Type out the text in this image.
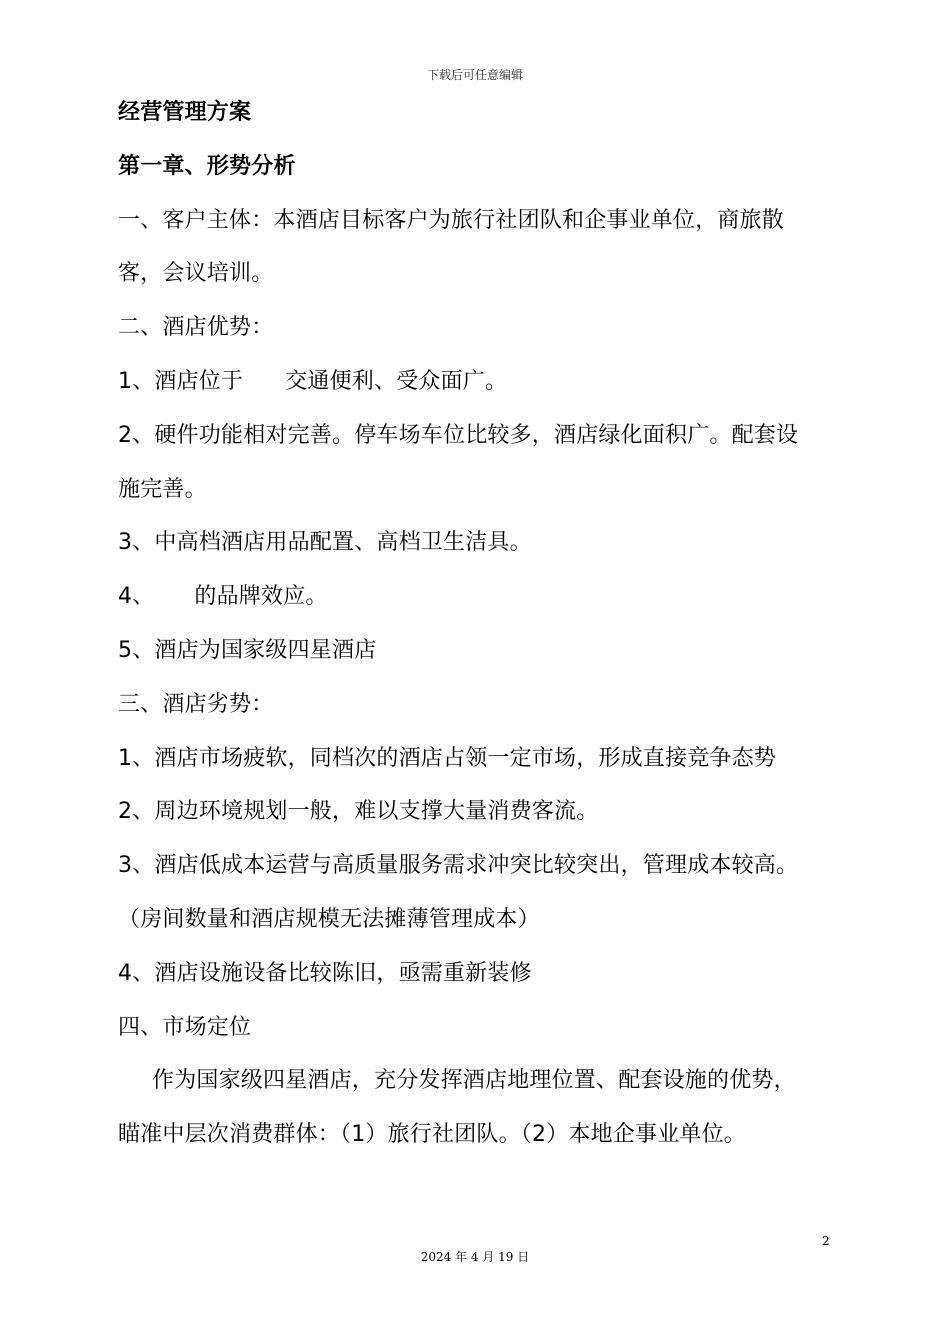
下载后可任意编辑
经营管理方案
第一章、形势分析
一、客户主体：本酒店目标客户为旅行社团队和企事业单位，商旅散
客，会议培训。
二、酒店优势：
1、酒店位于 交通便利、受众面广。
2、硬件功能相对完善。停车场车位比较多，酒店绿化面积广。配套设
施完善。
3、中高档酒店用品配置、高档卫生洁具。
4、 的品牌效应。
5、酒店为国家级四星酒店
三、酒店劣势：
1、酒店市场疲软，同档次的酒店占领一定市场，形成直接竞争态势
2、周边环境规划一般，难以支撑大量消费客流。
3、酒店低成本运营与高质量服务需求冲突比较突出，管理成本较高。
（房间数量和酒店规模无法摊薄管理成本）
4、酒店设施设备比较陈旧，亟需重新装修
四、市场定位
作为国家级四星酒店，充分发挥酒店地理位置、配套设施的优势，
瞄准中层次消费群体：（1）旅行社团队。（2）本地企事业单位。
2
2024 年 4 月 19 日
